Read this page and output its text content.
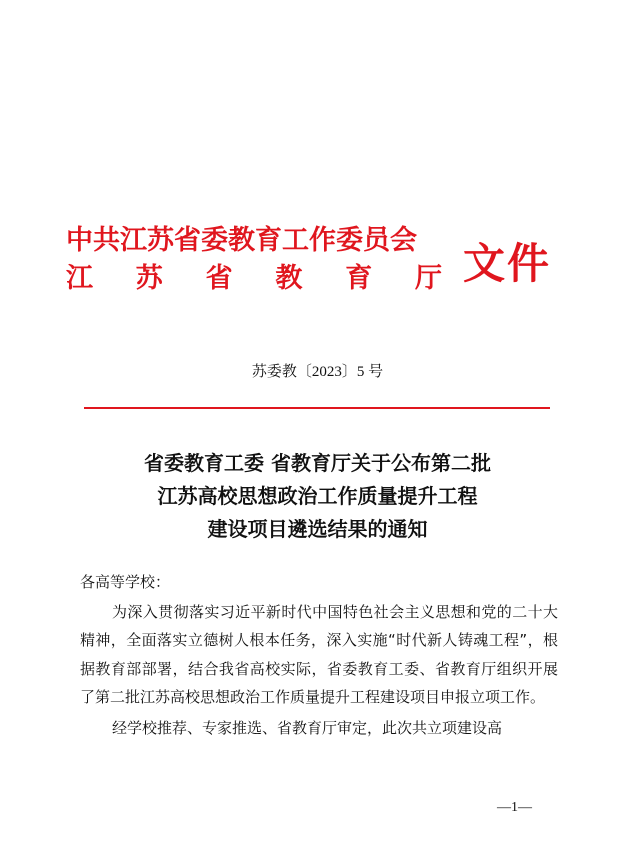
中共江苏省委教育工作委员会
江 苏 省 教 育 厅 文件
苏委教〔2023〕5 号
省委教育工委 省教育厅关于公布第二批
江苏高校思想政治工作质量提升工程
建设项目遴选结果的通知
各高等学校：
为深入贯彻落实习近平新时代中国特色社会主义思想和党的二十大精神，全面落实立德树人根本任务，深入实施“时代新人铸魂工程”，根据教育部部署，结合我省高校实际，省委教育工委、省教育厅组织开展了第二批江苏高校思想政治工作质量提升工程建设项目申报立项工作。
经学校推荐、专家推选、省教育厅审定，此次共立项建设高
—1—
